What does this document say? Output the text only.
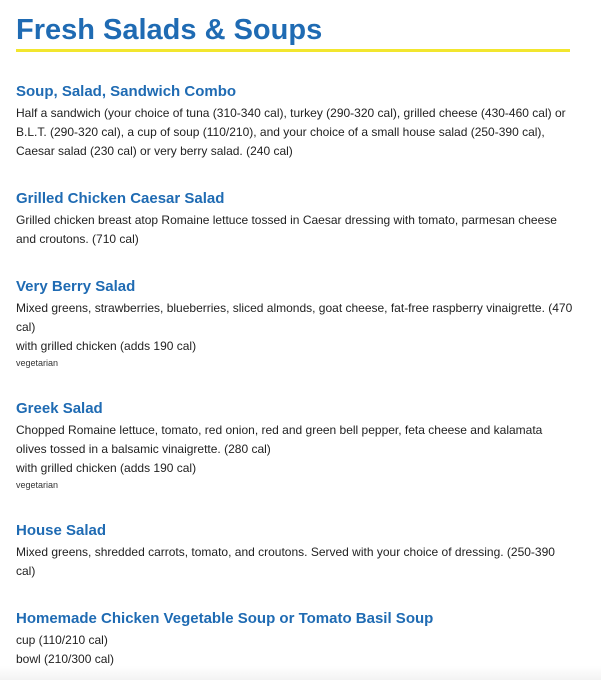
Fresh Salads & Soups
Soup, Salad, Sandwich Combo

Half a sandwich (your choice of tuna (310-340 cal), turkey (290-320 cal), grilled cheese (430-460 cal) or B.L.T. (290-320 cal), a cup of soup (110/210), and your choice of a small house salad (250-390 cal), Caesar salad (230 cal) or very berry salad. (240 cal)

Grilled Chicken Caesar Salad

Grilled chicken breast atop Romaine lettuce tossed in Caesar dressing with tomato, parmesan cheese and croutons. (710 cal)

Very Berry Salad

Mixed greens, strawberries, blueberries, sliced almonds, goat cheese, fat-free raspberry vinaigrette. (470 cal)

with grilled chicken (adds 190 cal)

vegetarian

Greek Salad

Chopped Romaine lettuce, tomato, red onion, red and green bell pepper, feta cheese and kalamata olives tossed in a balsamic vinaigrette. (280 cal)

with grilled chicken (adds 190 cal)

vegetarian

House Salad

Mixed greens, shredded carrots, tomato, and croutons. Served with your choice of dressing. (250-390 cal)

Homemade Chicken Vegetable Soup or Tomato Basil Soup

cup (110/210 cal)

bowl (210/300 cal)
